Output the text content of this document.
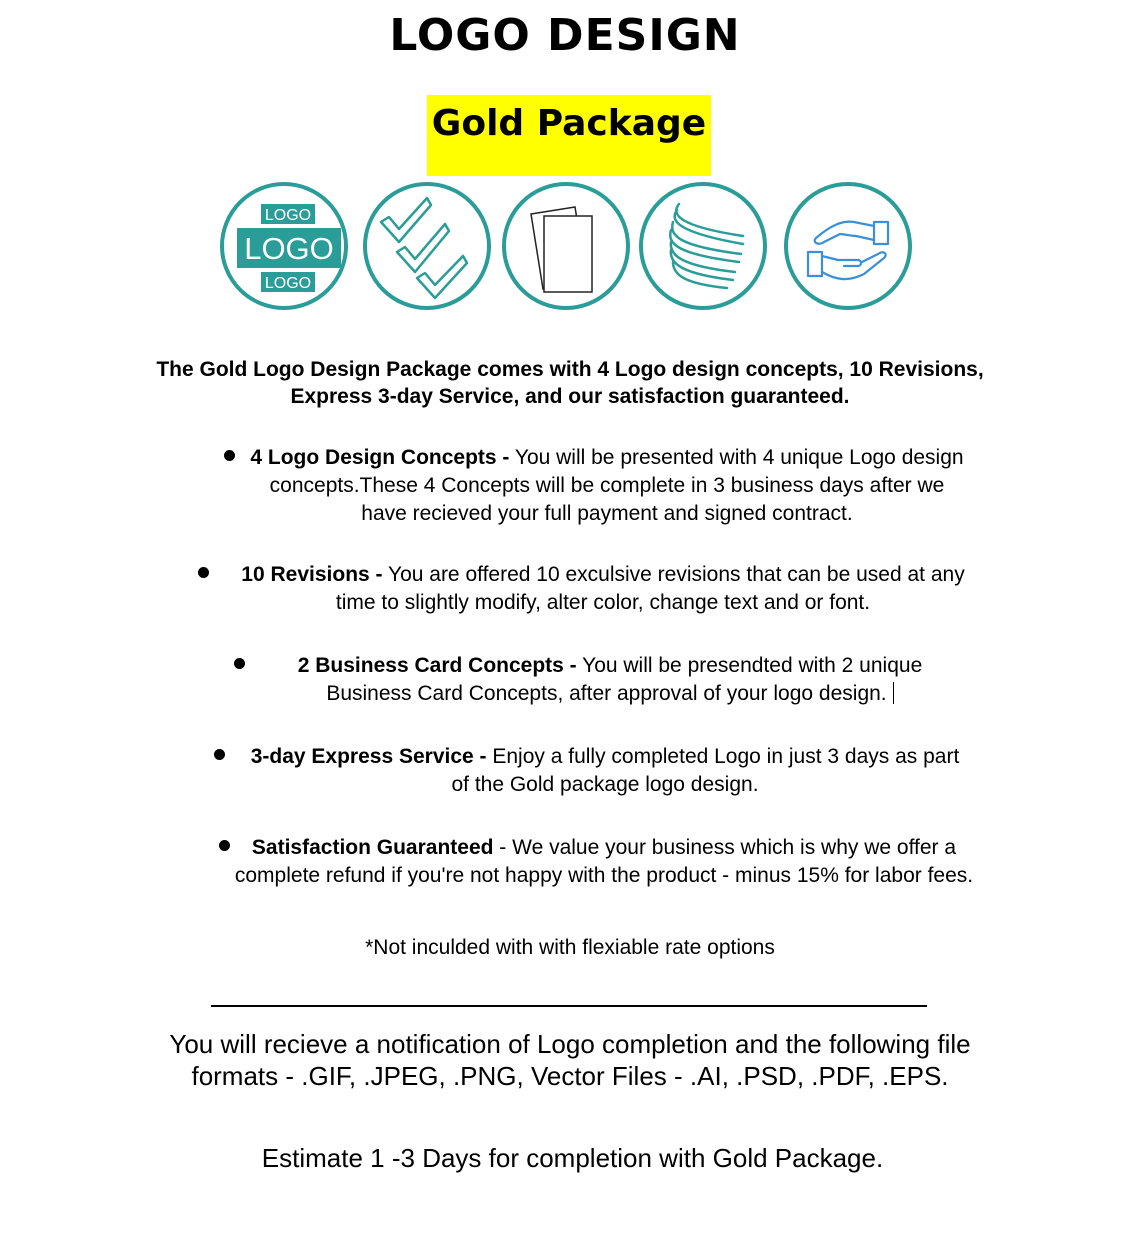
LOGO DESIGN
Gold Package
LOGO
LOGO
LOGO
The Gold Logo Design Package comes with 4 Logo design concepts, 10 Revisions, Express 3-day Service, and our satisfaction guaranteed.
4 Logo Design Concepts - You will be presented with 4 unique Logo design concepts.These 4 Concepts will be complete in 3 business days after we have recieved your full payment and signed contract.
10 Revisions - You are offered 10 exculsive revisions that can be used at any time to slightly modify, alter color, change text and or font.
2 Business Card Concepts - You will be presendted with 2 unique Business Card Concepts, after approval of your logo design.
3-day Express Service - Enjoy a fully completed Logo in just 3 days as part of the Gold package logo design.
Satisfaction Guaranteed - We value your business which is why we offer a complete refund if you're not happy with the product - minus 15% for labor fees.
*Not inculded with with flexiable rate options
You will recieve a notification of Logo completion and the following file formats - .GIF, .JPEG, .PNG, Vector Files - .AI, .PSD, .PDF, .EPS.
Estimate 1 -3 Days for completion with Gold Package.
